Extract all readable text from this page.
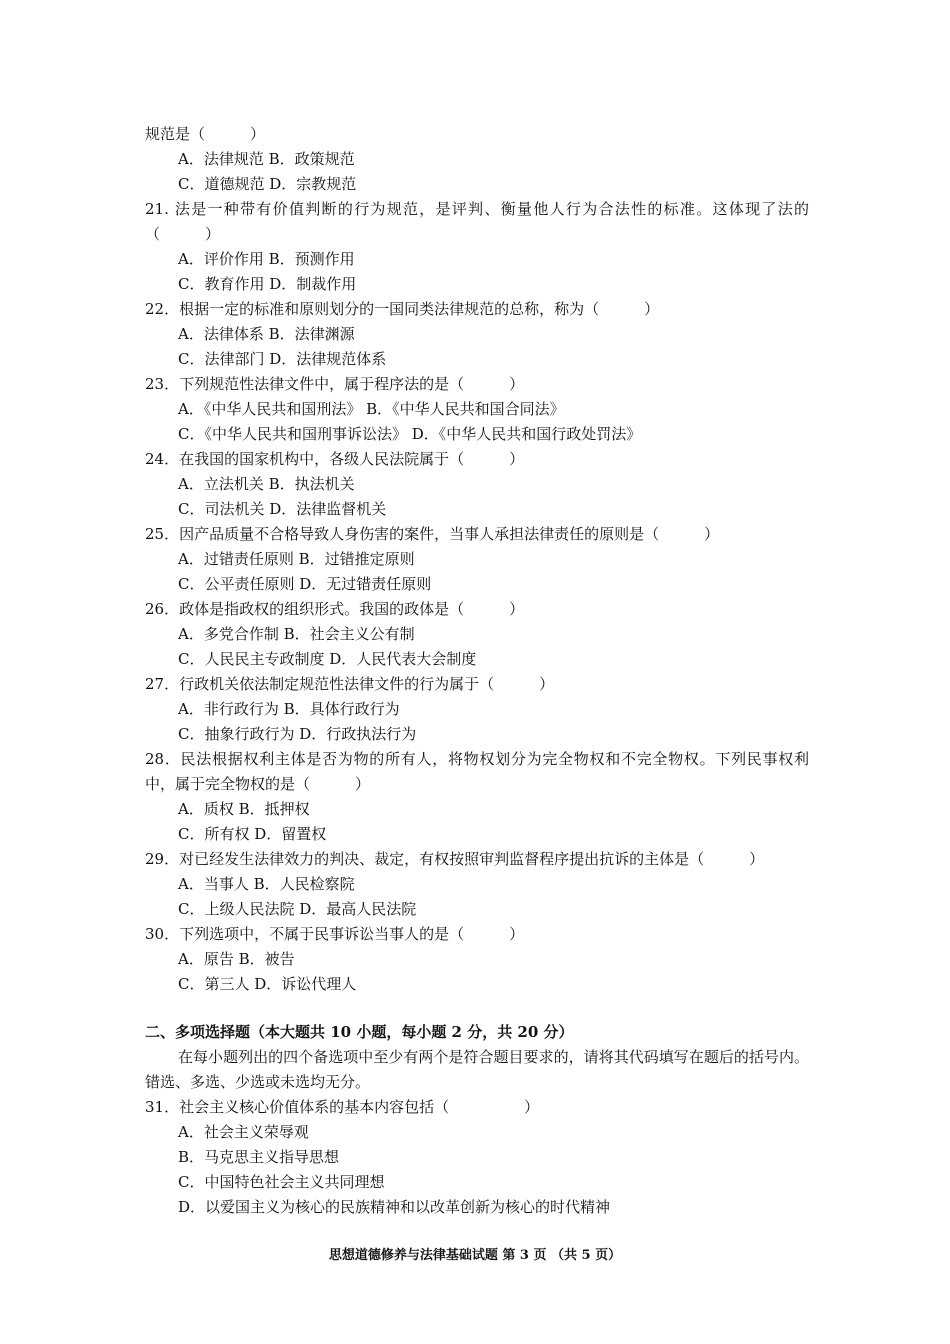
规范是（　　　）
A．法律规范 B．政策规范
C．道德规范 D．宗教规范
21. 法是一种带有价值判断的行为规范，是评判、衡量他人行为合法性的标准。这体现了法的（　　　）
A．评价作用 B．预测作用
C．教育作用 D．制裁作用
22．根据一定的标准和原则划分的一国同类法律规范的总称，称为（　　　）
A．法律体系 B．法律渊源
C．法律部门 D．法律规范体系
23．下列规范性法律文件中，属于程序法的是（　　　）
A．《中华人民共和国刑法》 B．《中华人民共和国合同法》
C．《中华人民共和国刑事诉讼法》 D．《中华人民共和国行政处罚法》
24．在我国的国家机构中，各级人民法院属于（　　　）
A．立法机关 B．执法机关
C．司法机关 D．法律监督机关
25．因产品质量不合格导致人身伤害的案件，当事人承担法律责任的原则是（　　　）
A．过错责任原则 B．过错推定原则
C．公平责任原则 D．无过错责任原则
26．政体是指政权的组织形式。我国的政体是（　　　）
A．多党合作制 B．社会主义公有制
C．人民民主专政制度 D．人民代表大会制度
27．行政机关依法制定规范性法律文件的行为属于（　　　）
A．非行政行为 B．具体行政行为
C．抽象行政行为 D．行政执法行为
28．民法根据权利主体是否为物的所有人，将物权划分为完全物权和不完全物权。下列民事权利中，属于完全物权的是（　　　）
A．质权 B．抵押权
C．所有权 D．留置权
29．对已经发生法律效力的判决、裁定，有权按照审判监督程序提出抗诉的主体是（　　　）
A．当事人 B．人民检察院
C．上级人民法院 D．最高人民法院
30．下列选项中，不属于民事诉讼当事人的是（　　　）
A．原告 B．被告
C．第三人 D．诉讼代理人
二、多项选择题（本大题共 10 小题，每小题 2 分，共 20 分）
在每小题列出的四个备选项中至少有两个是符合题目要求的，请将其代码填写在题后的括号内。错选、多选、少选或未选均无分。
31．社会主义核心价值体系的基本内容包括（　　　　　）
A．社会主义荣辱观
B．马克思主义指导思想
C．中国特色社会主义共同理想
D．以爱国主义为核心的民族精神和以改革创新为核心的时代精神
思想道德修养与法律基础试题 第 3 页 （共 5 页）
